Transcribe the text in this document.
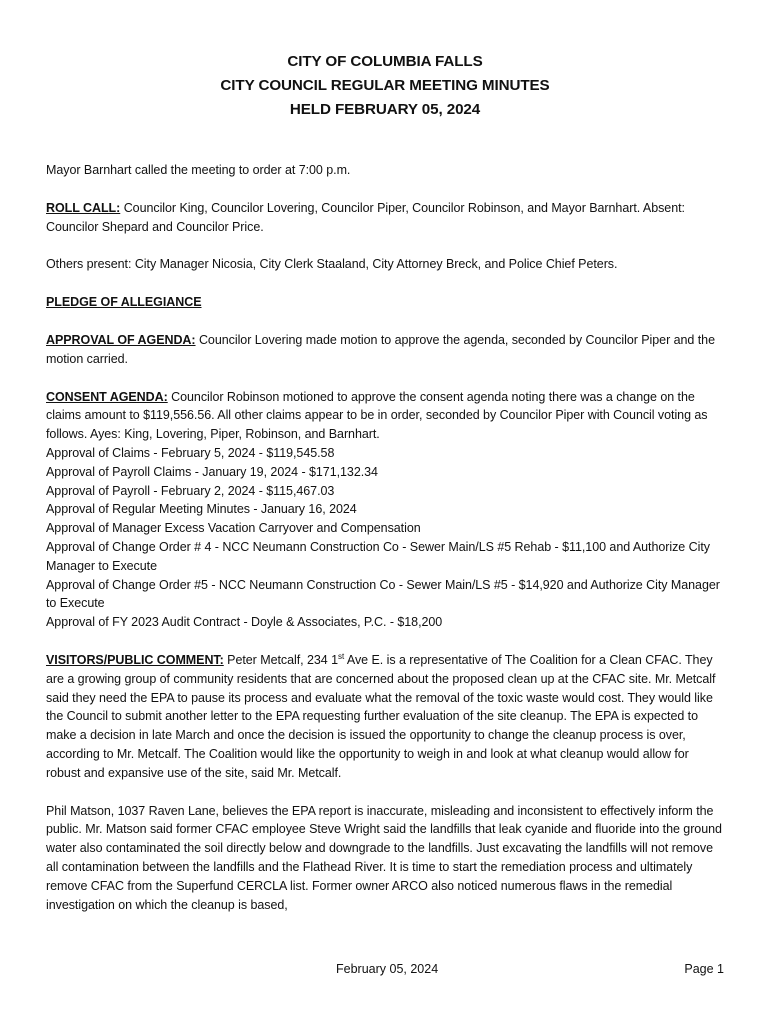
CITY OF COLUMBIA FALLS
CITY COUNCIL REGULAR MEETING MINUTES
HELD FEBRUARY 05, 2024

Mayor Barnhart called the meeting to order at 7:00 p.m.

ROLL CALL: Councilor King, Councilor Lovering, Councilor Piper, Councilor Robinson, and Mayor Barnhart. Absent: Councilor Shepard and Councilor Price.

Others present: City Manager Nicosia, City Clerk Staaland, City Attorney Breck, and Police Chief Peters.

PLEDGE OF ALLEGIANCE

APPROVAL OF AGENDA: Councilor Lovering made motion to approve the agenda, seconded by Councilor Piper and the motion carried.

CONSENT AGENDA: Councilor Robinson motioned to approve the consent agenda noting there was a change on the claims amount to $119,556.56. All other claims appear to be in order, seconded by Councilor Piper with Council voting as follows. Ayes: King, Lovering, Piper, Robinson, and Barnhart.

Approval of Claims - February 5, 2024 - $119,545.58

Approval of Payroll Claims - January 19, 2024 - $171,132.34

Approval of Payroll - February 2, 2024 - $115,467.03

Approval of Regular Meeting Minutes - January 16, 2024

Approval of Manager Excess Vacation Carryover and Compensation

Approval of Change Order # 4 - NCC Neumann Construction Co - Sewer Main/LS #5 Rehab - $11,100 and Authorize City Manager to Execute

Approval of Change Order #5 - NCC Neumann Construction Co - Sewer Main/LS #5 - $14,920 and Authorize City Manager to Execute

Approval of FY 2023 Audit Contract - Doyle & Associates, P.C. - $18,200

VISITORS/PUBLIC COMMENT: Peter Metcalf, 234 1st Ave E. is a representative of The Coalition for a Clean CFAC. They are a growing group of community residents that are concerned about the proposed clean up at the CFAC site. Mr. Metcalf said they need the EPA to pause its process and evaluate what the removal of the toxic waste would cost. They would like the Council to submit another letter to the EPA requesting further evaluation of the site cleanup. The EPA is expected to make a decision in late March and once the decision is issued the opportunity to change the cleanup process is over, according to Mr. Metcalf. The Coalition would like the opportunity to weigh in and look at what cleanup would allow for robust and expansive use of the site, said Mr. Metcalf.

Phil Matson, 1037 Raven Lane, believes the EPA report is inaccurate, misleading and inconsistent to effectively inform the public. Mr. Matson said former CFAC employee Steve Wright said the landfills that leak cyanide and fluoride into the ground water also contaminated the soil directly below and downgrade to the landfills. Just excavating the landfills will not remove all contamination between the landfills and the Flathead River. It is time to start the remediation process and ultimately remove CFAC from the Superfund CERCLA list. Former owner ARCO also noticed numerous flaws in the remedial investigation on which the cleanup is based,

February 05, 2024	Page 1
